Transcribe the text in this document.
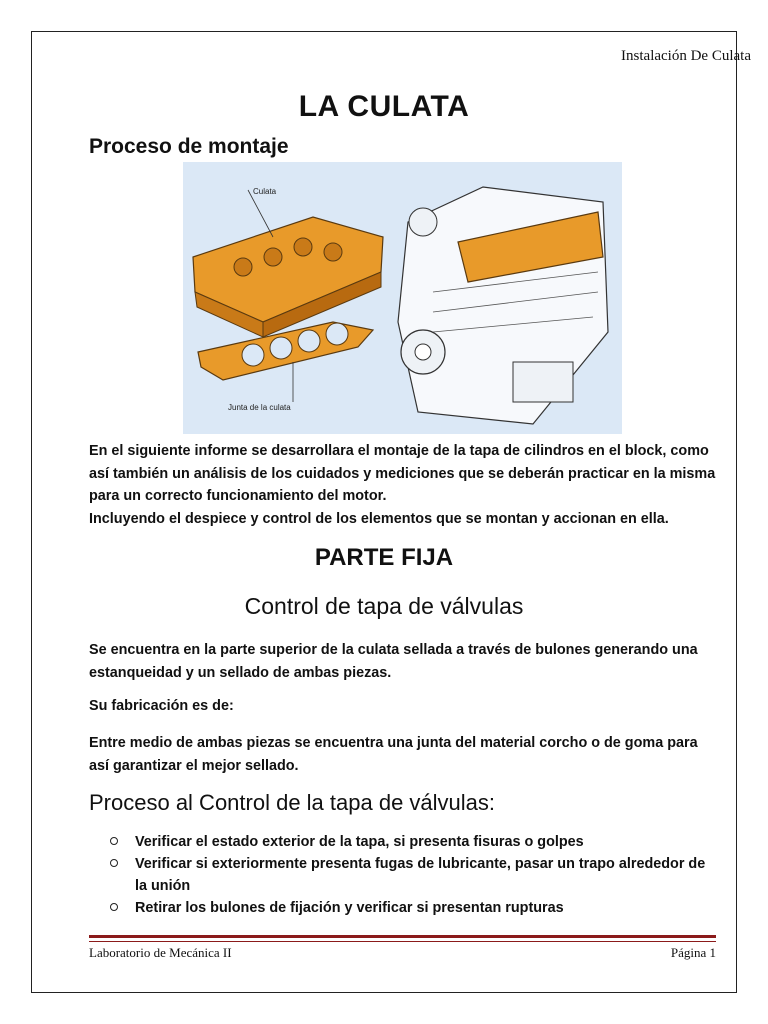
Instalación De Culata
LA CULATA
Proceso de montaje
Culata
Junta de la culata
En el siguiente informe se desarrollara el montaje de la tapa de cilindros en el block, como así también un análisis de los cuidados y mediciones que se deberán practicar en la misma para un correcto funcionamiento del motor.
Incluyendo el despiece y control de los elementos que se montan y accionan en ella.
PARTE FIJA
Control de tapa de válvulas
Se encuentra en la parte superior de la culata sellada a través de bulones generando una estanqueidad y un sellado de ambas piezas.
Su fabricación es de:
Entre medio de ambas piezas se encuentra una junta del material corcho o de goma para así garantizar el mejor sellado.
Proceso al Control de la tapa de válvulas:
Verificar el estado exterior de la tapa, si presenta fisuras o golpes
Verificar si exteriormente presenta fugas de lubricante, pasar un trapo alrededor de la unión
Retirar los bulones de fijación y verificar si presentan rupturas
Laboratorio de Mecánica II	Página 1
